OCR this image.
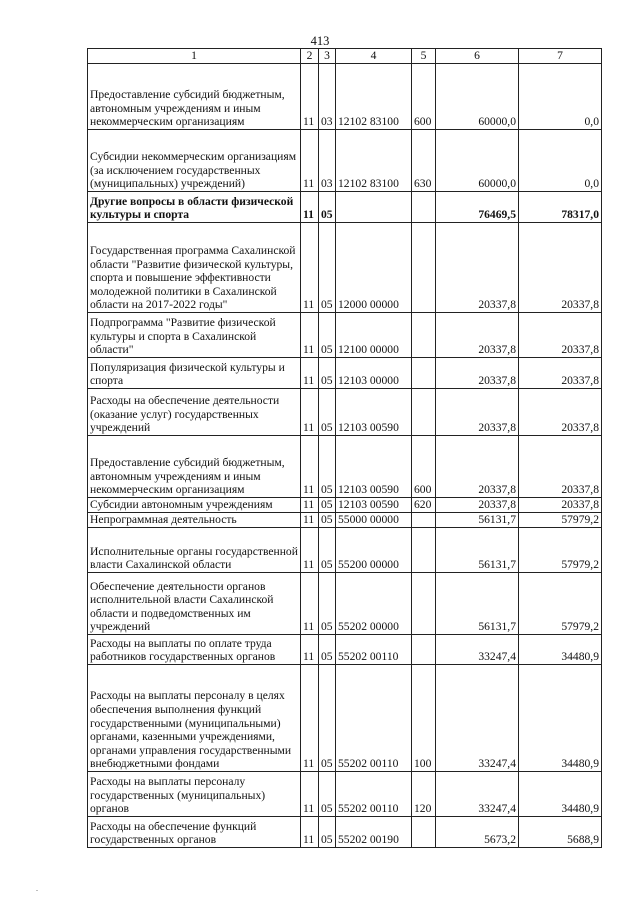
413
1	2	3	4	5	6	7
Предоставление субсидий бюджетным, автономным учреждениям и иным некоммерческим организациям	11	03	12102 83100	600	60000,0	0,0
Субсидии некоммерческим организациям (за исключением государственных (муниципальных) учреждений)	11	03	12102 83100	630	60000,0	0,0
Другие вопросы в области физической культуры и спорта	11	05			76469,5	78317,0
Государственная программа Сахалинской области "Развитие физической культуры, спорта и повышение эффективности молодежной политики в Сахалинской области на 2017-2022 годы"	11	05	12000 00000		20337,8	20337,8
Подпрограмма "Развитие физической культуры и спорта в Сахалинской области"	11	05	12100 00000		20337,8	20337,8
Популяризация физической культуры и спорта	11	05	12103 00000		20337,8	20337,8
Расходы на обеспечение деятельности (оказание услуг) государственных учреждений	11	05	12103 00590		20337,8	20337,8
Предоставление субсидий бюджетным, автономным учреждениям и иным некоммерческим организациям	11	05	12103 00590	600	20337,8	20337,8
Субсидии автономным учреждениям	11	05	12103 00590	620	20337,8	20337,8
Непрограммная деятельность	11	05	55000 00000		56131,7	57979,2
Исполнительные органы государственной власти Сахалинской области	11	05	55200 00000		56131,7	57979,2
Обеспечение деятельности органов исполнительной власти Сахалинской области и подведомственных им учреждений	11	05	55202 00000		56131,7	57979,2
Расходы на выплаты по оплате труда работников государственных органов	11	05	55202 00110		33247,4	34480,9
Расходы на выплаты персоналу в целях обеспечения выполнения функций государственными (муниципальными) органами, казенными учреждениями, органами управления государственными внебюджетными фондами	11	05	55202 00110	100	33247,4	34480,9
Расходы на выплаты персоналу государственных (муниципальных) органов	11	05	55202 00110	120	33247,4	34480,9
Расходы на обеспечение функций государственных органов	11	05	55202 00190		5673,2	5688,9
.
